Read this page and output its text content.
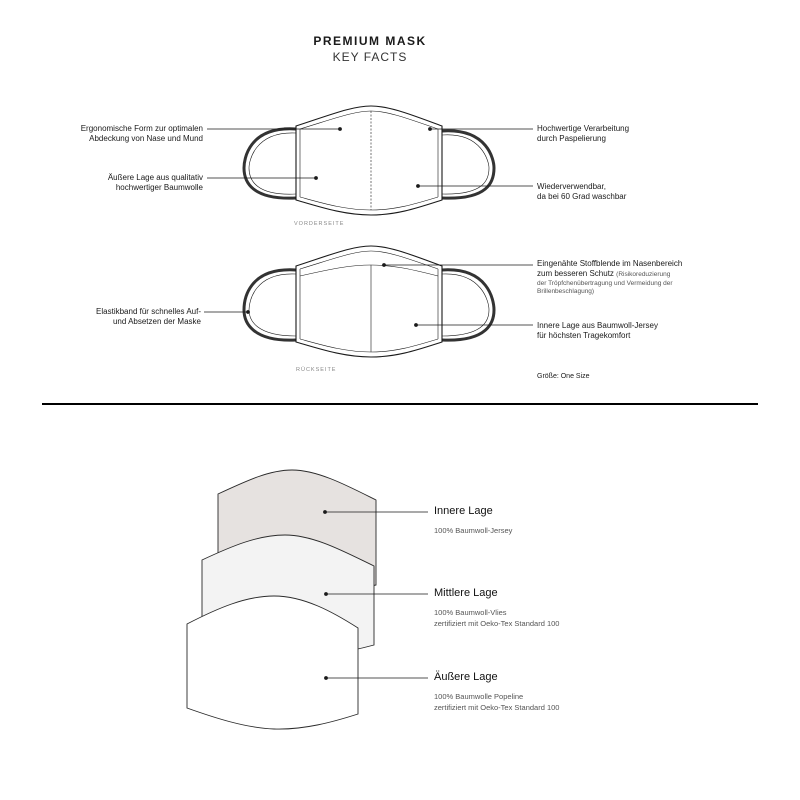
PREMIUM MASK
KEY FACTS
Ergonomische Form zur optimalen
Abdeckung von Nase und Mund
Äußere Lage aus qualitativ
hochwertiger Baumwolle
Hochwertige Verarbeitung
durch Paspelierung
Wiederverwendbar,
da bei 60 Grad waschbar
VORDERSEITE
Elastikband für schnelles Auf-
und Absetzen der Maske
Eingenähte Stoffblende im Nasenbereich
zum besseren Schutz (Risikoreduzierung
der Tröpfchenübertragung und Vermeidung der
Brillenbeschlagung)
Innere Lage aus Baumwoll-Jersey
für höchsten Tragekomfort
RÜCKSEITE
Größe: One Size
Innere Lage
100% Baumwoll-Jersey
Mittlere Lage
100% Baumwoll-Vlies
zertifiziert mit Oeko-Tex Standard 100
Äußere Lage
100% Baumwolle Popeline
zertifiziert mit Oeko-Tex Standard 100
